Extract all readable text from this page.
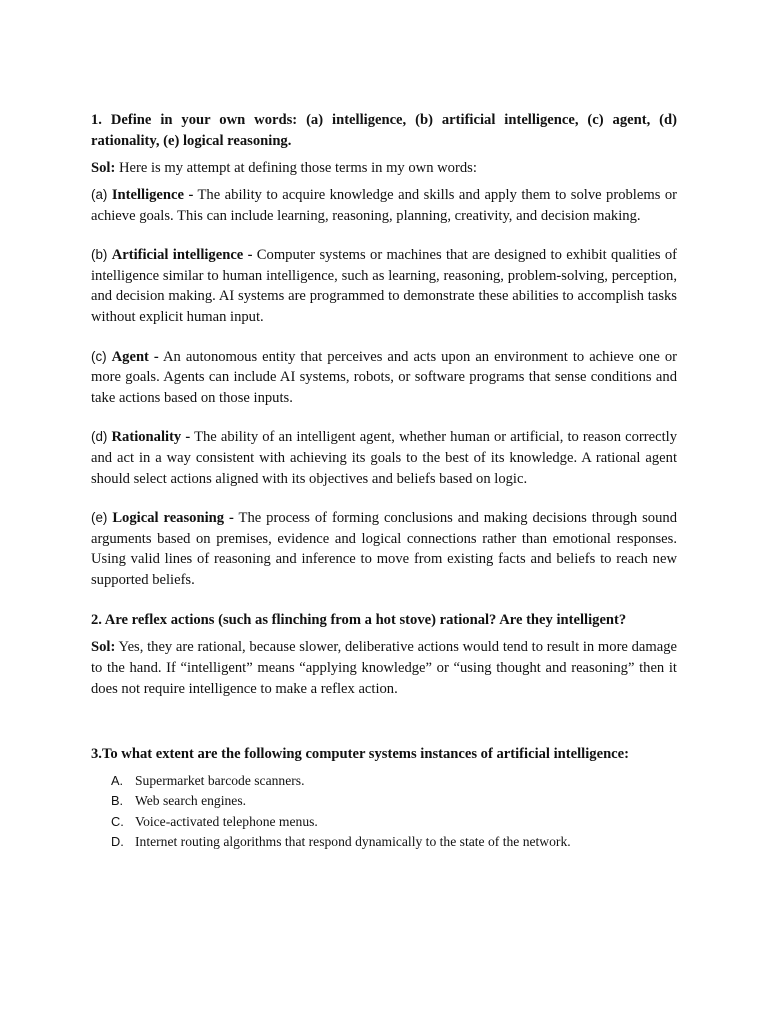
1. Define in your own words: (a) intelligence, (b) artificial intelligence, (c) agent, (d) rationality, (e) logical reasoning.

Sol: Here is my attempt at defining those terms in my own words:

(a) Intelligence - The ability to acquire knowledge and skills and apply them to solve problems or achieve goals. This can include learning, reasoning, planning, creativity, and decision making.

(b) Artificial intelligence - Computer systems or machines that are designed to exhibit qualities of intelligence similar to human intelligence, such as learning, reasoning, problem-solving, perception, and decision making. AI systems are programmed to demonstrate these abilities to accomplish tasks without explicit human input.

(c) Agent - An autonomous entity that perceives and acts upon an environment to achieve one or more goals. Agents can include AI systems, robots, or software programs that sense conditions and take actions based on those inputs.

(d) Rationality - The ability of an intelligent agent, whether human or artificial, to reason correctly and act in a way consistent with achieving its goals to the best of its knowledge. A rational agent should select actions aligned with its objectives and beliefs based on logic.

(e) Logical reasoning - The process of forming conclusions and making decisions through sound arguments based on premises, evidence and logical connections rather than emotional responses. Using valid lines of reasoning and inference to move from existing facts and beliefs to reach new supported beliefs.

2. Are reflex actions (such as flinching from a hot stove) rational? Are they intelligent?

Sol: Yes, they are rational, because slower, deliberative actions would tend to result in more damage to the hand. If “intelligent” means “applying knowledge” or “using thought and reasoning” then it does not require intelligence to make a reflex action.

3.To what extent are the following computer systems instances of artificial intelligence:

A. Supermarket barcode scanners.
B. Web search engines.
C. Voice-activated telephone menus.
D. Internet routing algorithms that respond dynamically to the state of the network.
